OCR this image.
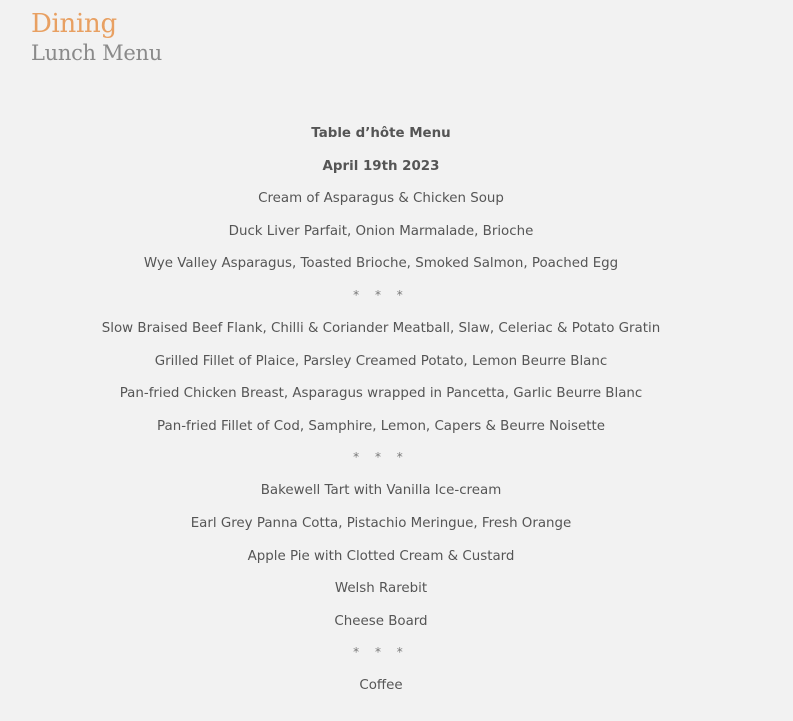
Dining
Lunch Menu
Table d’hôte Menu
April 19th 2023
Cream of Asparagus & Chicken Soup
Duck Liver Parfait, Onion Marmalade, Brioche
Wye Valley Asparagus, Toasted Brioche, Smoked Salmon, Poached Egg
* * *
Slow Braised Beef Flank, Chilli & Coriander Meatball, Slaw, Celeriac & Potato Gratin
Grilled Fillet of Plaice, Parsley Creamed Potato, Lemon Beurre Blanc
Pan-fried Chicken Breast, Asparagus wrapped in Pancetta, Garlic Beurre Blanc
Pan-fried Fillet of Cod, Samphire, Lemon, Capers & Beurre Noisette
* * *
Bakewell Tart with Vanilla Ice-cream
Earl Grey Panna Cotta, Pistachio Meringue, Fresh Orange
Apple Pie with Clotted Cream & Custard
Welsh Rarebit
Cheese Board
* * *
Coffee
